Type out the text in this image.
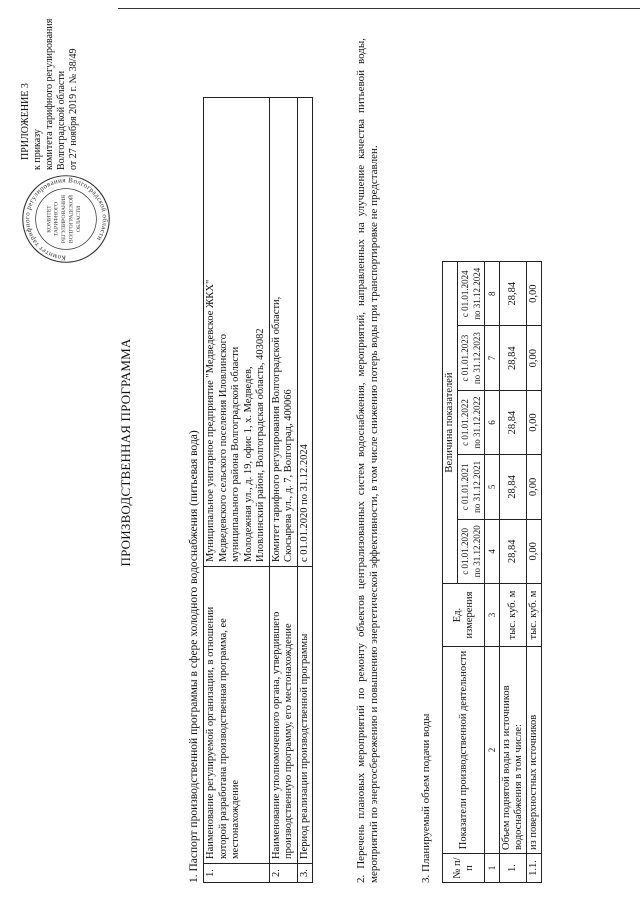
Комитет тарифного регулирования Волгоградской области
КОМИТЕТТАРИФНОГОРЕГУЛИРОВАНИЯВОЛГОГРАДСКОЙОБЛАСТИ
ПРИЛОЖЕНИЕ 3 к приказу комитета тарифного регулирования Волгоградской области от 27 ноября 2019 г. № 38/49
ПРОИЗВОДСТВЕННАЯ ПРОГРАММА	1. Паспорт производственной программы в сфере холодного водоснабжения (питьевая вода) 1.	Наименование регулируемой организации, в отношении которой разработана производственная программа, ее местонахождение	Муниципальное унитарное предприятие "Медведевское ЖКХ" Медведевского сельского поселения Иловлинского муниципального района Волгоградской области Молодежная ул., д. 19, офис 1, х. Медведев, Иловлинский район, Волгоградская область, 403082

2.	Наименование уполномоченного органа, утвердившего производственную программу, его местонахождение	Комитет тарифного регулирования Волгоградской области, Скосырева ул., д. 7, Волгоград, 400066

3.	Период реализации производственной программы	с 01.01.2020 по 31.12.2024	2. Перечень плановых мероприятий по ремонту объектов централизованных систем водоснабжения, мероприятий, направленных на улучшение качества питьевой воды, мероприятий по энергосбережению и повышению энергетической эффективности, в том числе снижению потерь воды при транспортировке не представлен.	3. Планируемый объем подачи воды № п/п	Показатели производственной деятельности	Ед. измерения	Величина показателей				
			с 01.01.2020 по 31.12.2020	с 01.01.2021 по 31.12.2021	с 01.01.2022 по 31.12.2022	с 01.01.2023 по 31.12.2023	с 01.01.2024 по 31.12.2024
1	2	3	4	5	6	7	8
1.	Объем поднятой воды из источников водоснабжения в том числе:	тыс. куб. м	28,84	28,84	28,84	28,84	28,84
1.1.	из поверхностных источников	тыс. куб. м	0,00	0,00	0,00	0,00	0,00
